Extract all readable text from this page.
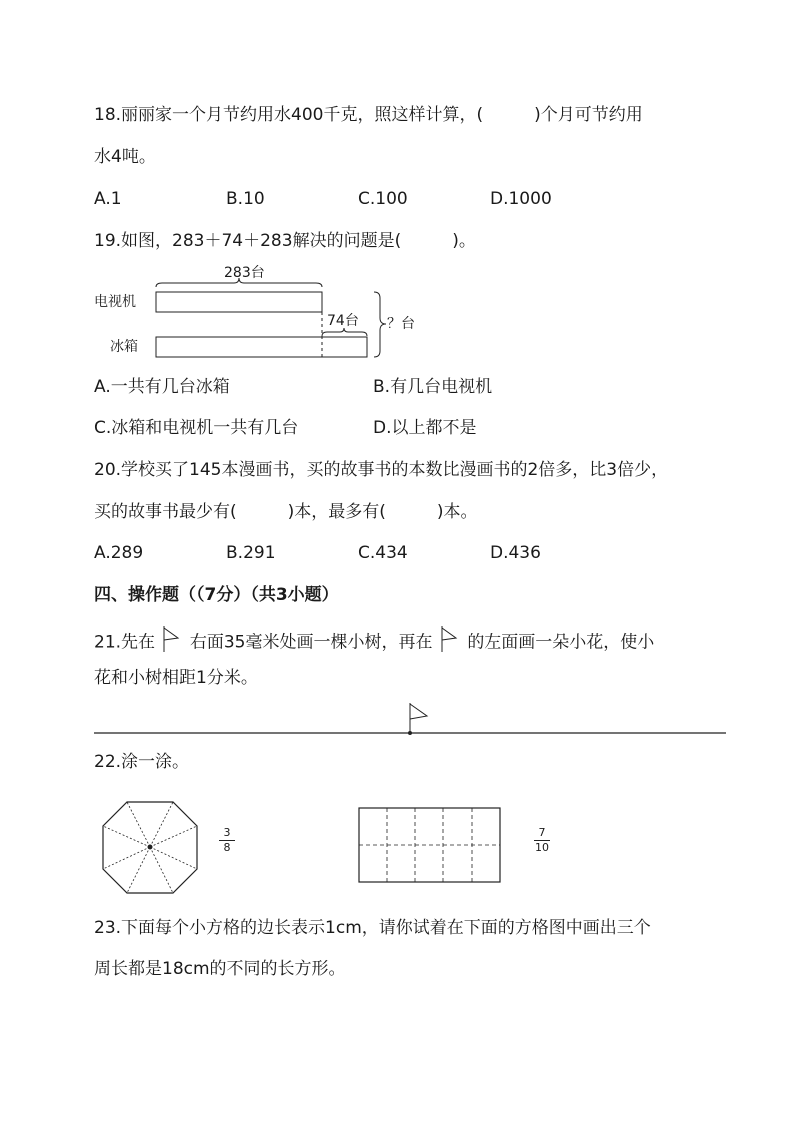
18.丽丽家一个月节约用水400千克，照这样计算，(　　　)个月可节约用
水4吨。
A.1	B.10	C.100	D.1000
19.如图，283＋74＋283解决的问题是(　　　)。
283台
电视机
74台 ？台
冰箱
A.一共有几台冰箱	B.有几台电视机
C.冰箱和电视机一共有几台	D.以上都不是
20.学校买了145本漫画书，买的故事书的本数比漫画书的2倍多，比3倍少，
买的故事书最少有(　　　)本，最多有(　　　)本。
A.289	B.291	C.434	D.436
四、操作题（（7分）（共3小题）
21.先在 右面35毫米处画一棵小树，再在 的左面画一朵小花，使小
花和小树相距1分米。
22.涂一涂。
3
8
7
10
23.下面每个小方格的边长表示1cm，请你试着在下面的方格图中画出三个
周长都是18cm的不同的长方形。
